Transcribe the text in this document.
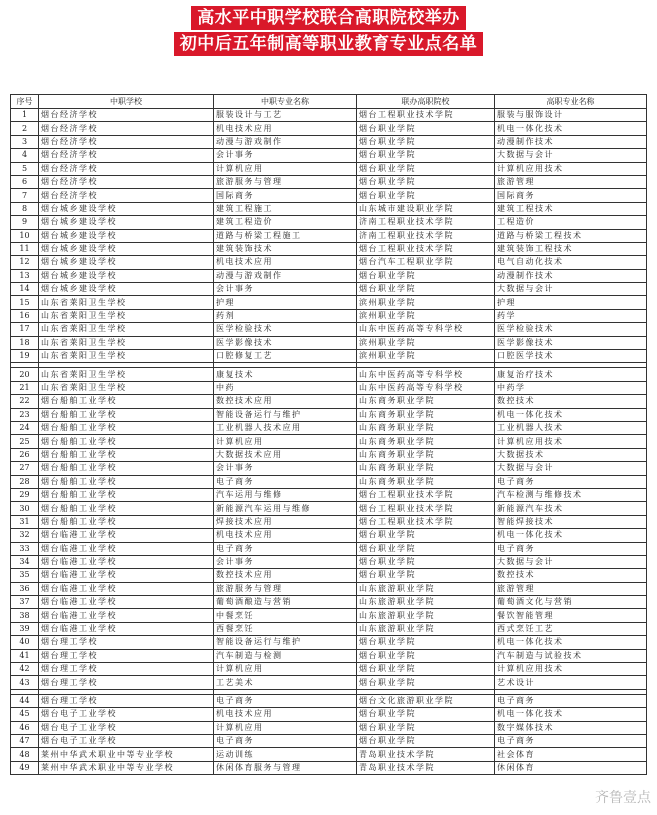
高水平中职学校联合高职院校举办
初中后五年制高等职业教育专业点名单
序号	中职学校	中职专业名称	联办高职院校	高职专业名称
1	烟台经济学校	服装设计与工艺	烟台工程职业技术学院	服装与服饰设计
2	烟台经济学校	机电技术应用	烟台职业学院	机电一体化技术
3	烟台经济学校	动漫与游戏制作	烟台职业学院	动漫制作技术
4	烟台经济学校	会计事务	烟台职业学院	大数据与会计
5	烟台经济学校	计算机应用	烟台职业学院	计算机应用技术
6	烟台经济学校	旅游服务与管理	烟台职业学院	旅游管理
7	烟台经济学校	国际商务	烟台职业学院	国际商务
8	烟台城乡建设学校	建筑工程施工	山东城市建设职业学院	建筑工程技术
9	烟台城乡建设学校	建筑工程造价	济南工程职业技术学院	工程造价
10	烟台城乡建设学校	道路与桥梁工程施工	济南工程职业技术学院	道路与桥梁工程技术
11	烟台城乡建设学校	建筑装饰技术	烟台工程职业技术学院	建筑装饰工程技术
12	烟台城乡建设学校	机电技术应用	烟台汽车工程职业学院	电气自动化技术
13	烟台城乡建设学校	动漫与游戏制作	烟台职业学院	动漫制作技术
14	烟台城乡建设学校	会计事务	烟台职业学院	大数据与会计
15	山东省莱阳卫生学校	护理	滨州职业学院	护理
16	山东省莱阳卫生学校	药剂	滨州职业学院	药学
17	山东省莱阳卫生学校	医学检验技术	山东中医药高等专科学校	医学检验技术
18	山东省莱阳卫生学校	医学影像技术	滨州职业学院	医学影像技术
19	山东省莱阳卫生学校	口腔修复工艺	滨州职业学院	口腔医学技术

20	山东省莱阳卫生学校	康复技术	山东中医药高等专科学校	康复治疗技术
21	山东省莱阳卫生学校	中药	山东中医药高等专科学校	中药学
22	烟台船舶工业学校	数控技术应用	山东商务职业学院	数控技术
23	烟台船舶工业学校	智能设备运行与维护	山东商务职业学院	机电一体化技术
24	烟台船舶工业学校	工业机器人技术应用	山东商务职业学院	工业机器人技术
25	烟台船舶工业学校	计算机应用	山东商务职业学院	计算机应用技术
26	烟台船舶工业学校	大数据技术应用	山东商务职业学院	大数据技术
27	烟台船舶工业学校	会计事务	山东商务职业学院	大数据与会计
28	烟台船舶工业学校	电子商务	山东商务职业学院	电子商务
29	烟台船舶工业学校	汽车运用与维修	烟台工程职业技术学院	汽车检测与维修技术
30	烟台船舶工业学校	新能源汽车运用与维修	烟台工程职业技术学院	新能源汽车技术
31	烟台船舶工业学校	焊接技术应用	烟台工程职业技术学院	智能焊接技术
32	烟台临港工业学校	机电技术应用	烟台职业学院	机电一体化技术
33	烟台临港工业学校	电子商务	烟台职业学院	电子商务
34	烟台临港工业学校	会计事务	烟台职业学院	大数据与会计
35	烟台临港工业学校	数控技术应用	烟台职业学院	数控技术
36	烟台临港工业学校	旅游服务与管理	山东旅游职业学院	旅游管理
37	烟台临港工业学校	葡萄酒酿造与营销	山东旅游职业学院	葡萄酒文化与营销
38	烟台临港工业学校	中餐烹饪	山东旅游职业学院	餐饮智能管理
39	烟台临港工业学校	西餐烹饪	山东旅游职业学院	西式烹饪工艺
40	烟台理工学校	智能设备运行与维护	烟台职业学院	机电一体化技术
41	烟台理工学校	汽车制造与检测	烟台职业学院	汽车制造与试验技术
42	烟台理工学校	计算机应用	烟台职业学院	计算机应用技术
43	烟台理工学校	工艺美术	烟台职业学院	艺术设计

44	烟台理工学校	电子商务	烟台文化旅游职业学院	电子商务
45	烟台电子工业学校	机电技术应用	烟台职业学院	机电一体化技术
46	烟台电子工业学校	计算机应用	烟台职业学院	数字媒体技术
47	烟台电子工业学校	电子商务	烟台职业学院	电子商务
48	莱州中华武术职业中等专业学校	运动训练	青岛职业技术学院	社会体育
49	莱州中华武术职业中等专业学校	休闲体育服务与管理	青岛职业技术学院	休闲体育
齐鲁壹点
